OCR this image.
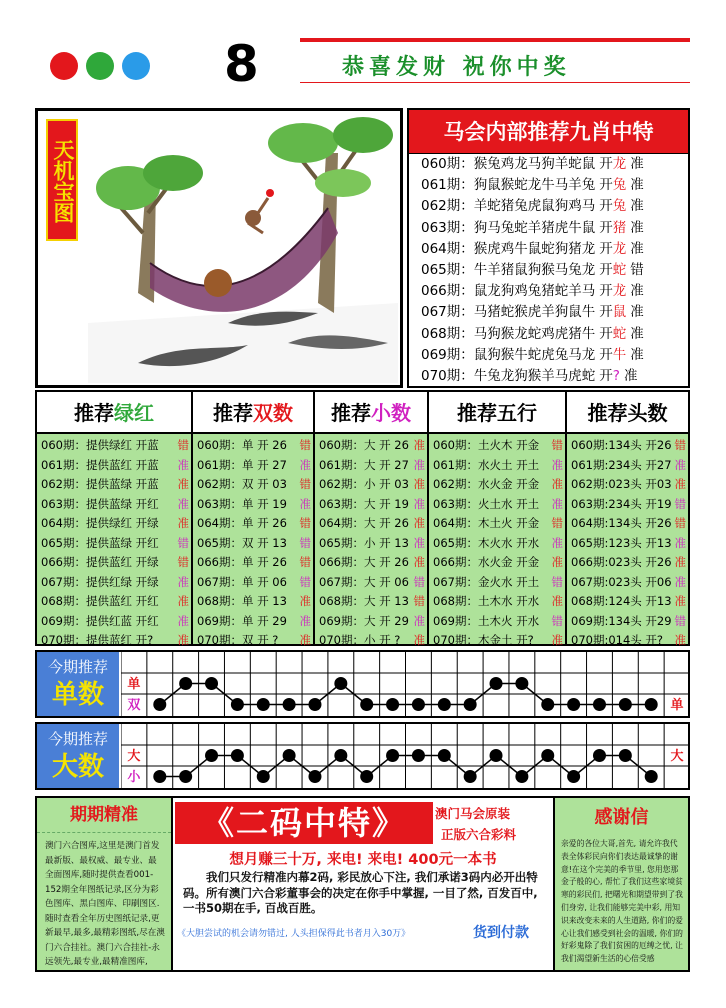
8	恭喜发财 祝你中奖
天机宝图
马会内部推荐九肖中特
060期：猴兔鸡龙马狗羊蛇鼠 开龙 准
061期：狗鼠猴蛇龙牛马羊兔 开兔 准
062期：羊蛇猪兔虎鼠狗鸡马 开兔 准
063期：狗马兔蛇羊猪虎牛鼠 开猪 准
064期：猴虎鸡牛鼠蛇狗猪龙 开龙 准
065期：牛羊猪鼠狗猴马兔龙 开蛇 错
066期：鼠龙狗鸡兔猪蛇羊马 开龙 准
067期：马猪蛇猴虎羊狗鼠牛 开鼠 准
068期：马狗猴龙蛇鸡虎猪牛 开蛇 准
069期：鼠狗猴牛蛇虎兔马龙 开牛 准
070期：牛兔龙狗猴羊马虎蛇 开? 准
推荐绿红
060期：提供绿红 开蓝 错
061期：提供蓝红 开蓝 准
062期：提供蓝绿 开蓝 准
063期：提供蓝绿 开红 准
064期：提供绿红 开绿 准
065期：提供蓝绿 开红 错
066期：提供蓝红 开绿 错
067期：提供红绿 开绿 准
068期：提供蓝红 开红 准
069期：提供红蓝 开红 准
070期：提供蓝红 开? 准
推荐双数
060期：单 开 26 错
061期：单 开 27 准
062期：双 开 03 错
063期：单 开 19 准
064期：单 开 26 错
065期：双 开 13 错
066期：单 开 26 错
067期：单 开 06 错
068期：单 开 13 准
069期：单 开 29 准
070期：双 开 ? 准
推荐小数
060期：大 开 26 准
061期：大 开 27 准
062期：小 开 03 准
063期：大 开 19 准
064期：大 开 26 准
065期：小 开 13 准
066期：大 开 26 准
067期：大 开 06 错
068期：大 开 13 错
069期：大 开 29 准
070期：小 开 ? 准
推荐五行
060期：土火木 开金 错
061期：水火土 开土 准
062期：水火金 开金 准
063期：火土水 开土 准
064期：木土火 开金 错
065期：木火水 开水 准
066期：水火金 开金 准
067期：金火水 开土 错
068期：土木水 开水 准
069期：土木火 开水 错
070期：木金土 开? 准
推荐头数
060期:134头 开26 错
061期:234头 开27 准
062期:023头 开03 准
063期:234头 开19 错
064期:134头 开26 错
065期:123头 开13 准
066期:023头 开26 准
067期:023头 开06 准
068期:124头 开13 准
069期:134头 开29 错
070期:014头 开? 准
今期推荐
单数	单
双	单
今期推荐
大数	大
小
大
期期精准
澳门六合图库,这里是澳门首发最新版、最权威、最专业、最全面图库,随时提供查看001-152期全年图纸记录,区分为彩色图库、黑白图库、印刷图区.随时查看全年历史图纸记录,更新最早,最多,最精彩图纸,尽在澳门六合挂社。澳门六合挂社-永远领先,最专业,最精准图库,
《二码中特》	澳门马会原装
正版六合彩料
想月赚三十万, 来电! 来电! 400元一本书
我们只发行精准内幕2码, 彩民放心下注, 我们承诺3码内必开出特码。所有澳门六合彩董事会的决定在你手中掌握, 一目了然, 百发百中, 一书50期在手, 百战百胜。
《大胆尝试的机会请勿错过, 人头担保得此书者月入30万》	货到付款
感谢信
亲爱的各位大哥,首先, 请允许我代表全体彩民向你们表达最诚挚的谢意!在这个完美的季节里, 您用您那金子般的心, 帮忙了我们这些家境贫寒的彩民们, 把曙光和期望带到了我们身旁, 让我们能够完美中彩, 用知识来改变未来的人生道路, 你们的爱心让我们感受到社会的温暖, 你们的好彩鬼除了我们贫困的厄缚之忧, 让我们渴望新生活的心倍受感
